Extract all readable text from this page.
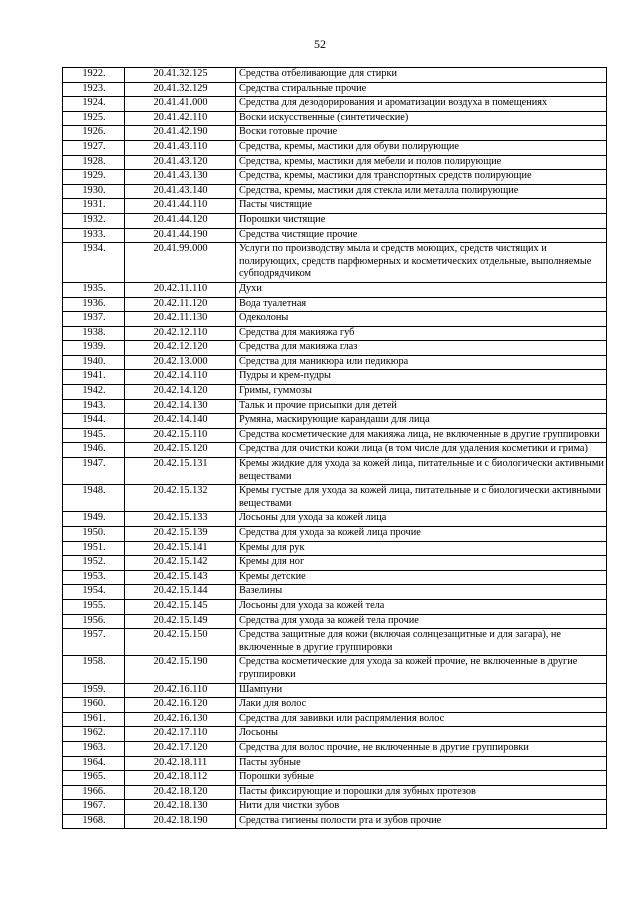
52
1922.	20.41.32.125	Средства отбеливающие для стирки
1923.	20.41.32.129	Средства стиральные прочие
1924.	20.41.41.000	Средства для дезодорирования и ароматизации воздуха в помещениях
1925.	20.41.42.110	Воски искусственные (синтетические)
1926.	20.41.42.190	Воски готовые прочие
1927.	20.41.43.110	Средства, кремы, мастики для обуви полирующие
1928.	20.41.43.120	Средства, кремы, мастики для мебели и полов полирующие
1929.	20.41.43.130	Средства, кремы, мастики для транспортных средств полирующие
1930.	20.41.43.140	Средства, кремы, мастики для стекла или металла полирующие
1931.	20.41.44.110	Пасты чистящие
1932.	20.41.44.120	Порошки чистящие
1933.	20.41.44.190	Средства чистящие прочие
1934.	20.41.99.000	Услуги по производству мыла и средств моющих, средств чистящих и полирующих, средств парфюмерных и косметических отдельные, выполняемые субподрядчиком
1935.	20.42.11.110	Духи
1936.	20.42.11.120	Вода туалетная
1937.	20.42.11.130	Одеколоны
1938.	20.42.12.110	Средства для макияжа губ
1939.	20.42.12.120	Средства для макияжа глаз
1940.	20.42.13.000	Средства для маникюра или педикюра
1941.	20.42.14.110	Пудры и крем-пудры
1942.	20.42.14.120	Гримы, гуммозы
1943.	20.42.14.130	Тальк и прочие присыпки для детей
1944.	20.42.14.140	Румяна, маскирующие карандаши для лица
1945.	20.42.15.110	Средства косметические для макияжа лица, не включенные в другие группировки
1946.	20.42.15.120	Средства для очистки кожи лица (в том числе для удаления косметики и грима)
1947.	20.42.15.131	Кремы жидкие для ухода за кожей лица, питательные и с биологически активными веществами
1948.	20.42.15.132	Кремы густые для ухода за кожей лица, питательные и с биологически активными веществами
1949.	20.42.15.133	Лосьоны для ухода за кожей лица
1950.	20.42.15.139	Средства для ухода за кожей лица прочие
1951.	20.42.15.141	Кремы для рук
1952.	20.42.15.142	Кремы для ног
1953.	20.42.15.143	Кремы детские
1954.	20.42.15.144	Вазелины
1955.	20.42.15.145	Лосьоны для ухода за кожей тела
1956.	20.42.15.149	Средства для ухода за кожей тела прочие
1957.	20.42.15.150	Средства защитные для кожи (включая солнцезащитные и для загара), не включенные в другие группировки
1958.	20.42.15.190	Средства косметические для ухода за кожей прочие, не включенные в другие группировки
1959.	20.42.16.110	Шампуни
1960.	20.42.16.120	Лаки для волос
1961.	20.42.16.130	Средства для завивки или распрямления волос
1962.	20.42.17.110	Лосьоны
1963.	20.42.17.120	Средства для волос прочие, не включенные в другие группировки
1964.	20.42.18.111	Пасты зубные
1965.	20.42.18.112	Порошки зубные
1966.	20.42.18.120	Пасты фиксирующие и порошки для зубных протезов
1967.	20.42.18.130	Нити для чистки зубов
1968.	20.42.18.190	Средства гигиены полости рта и зубов прочие
